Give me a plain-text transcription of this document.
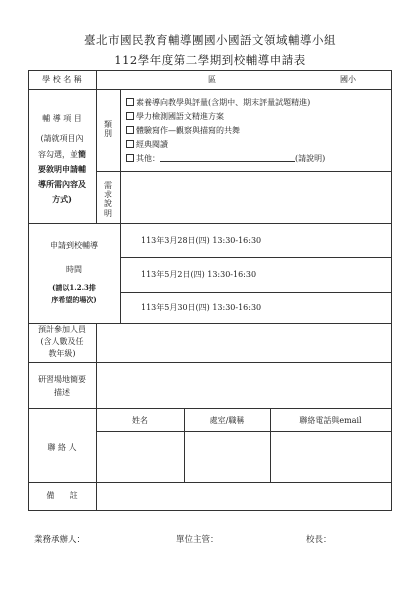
臺北市國民教育輔導團國小國語文領域輔導小組
112學年度第二學期到校輔導申請表
學 校 名 稱	區	國小
輔 導 項 目
(請就項目內
容勾選，並簡
要敘明申請輔
導所需內容及
方式)
類別
需求說明
素養導向教學與評量(含期中、期末評量試題精進)
學力檢測國語文精進方案
體驗寫作—觀察與描寫的共舞
經典閱讀
其他：	(請說明)
申請到校輔導
時間
(請以1.2.3排
序希望的場次)
113年3月28日(四) 13:30-16:30
113年5月2日(四) 13:30-16:30
113年5月30日(四) 13:30-16:30
預計參加人員
(含人數及任
教年級)
研習場地簡要
描述
聯 絡 人
姓名	處室/職稱	聯絡電話與email
備      註
業務承辦人：	單位主管：	校長：
